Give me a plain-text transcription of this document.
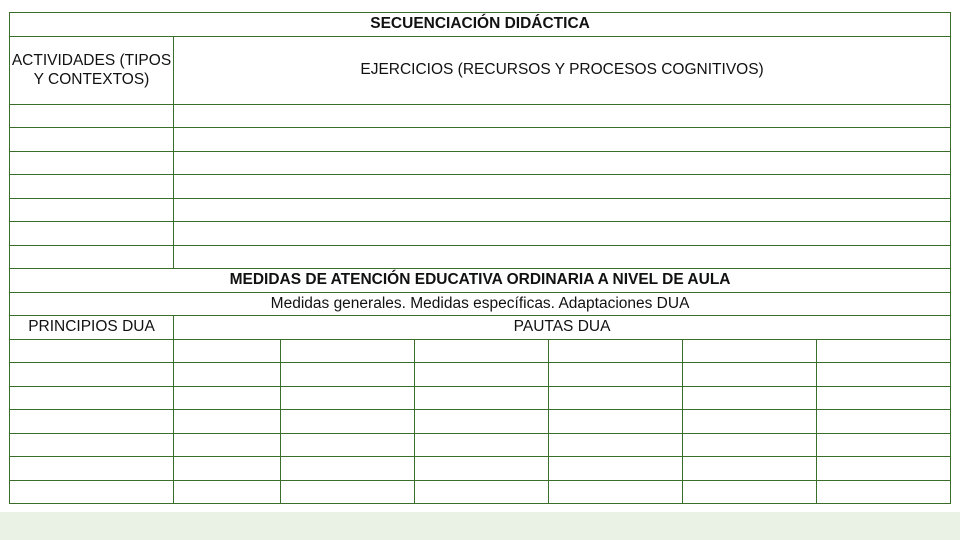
SECUENCIACIÓN DIDÁCTICA						
ACTIVIDADES (TIPOS Y CONTEXTOS)	EJERCICIOS (RECURSOS Y PROCESOS COGNITIVOS)					

MEDIDAS DE ATENCIÓN EDUCATIVA ORDINARIA A NIVEL DE AULA						
Medidas generales. Medidas específicas. Adaptaciones DUA						
PRINCIPIOS DUA	PAUTAS DUA					
